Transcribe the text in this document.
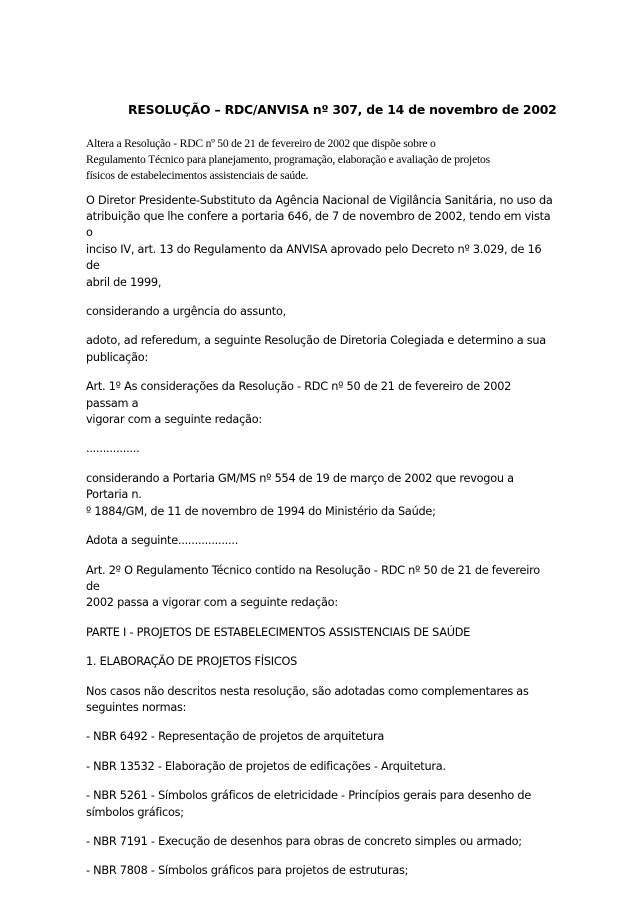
RESOLUÇÃO – RDC/ANVISA nº 307, de 14 de novembro de 2002

Altera a Resolução - RDC nº 50 de 21 de fevereiro de 2002 que dispõe sobre o
Regulamento Técnico para planejamento, programação, elaboração e avaliação de projetos
físicos de estabelecimentos assistenciais de saúde.

O Diretor Presidente-Substituto da Agência Nacional de Vigilância Sanitária, no uso da
atribuição que lhe confere a portaria 646, de 7 de novembro de 2002, tendo em vista o
inciso IV, art. 13 do Regulamento da ANVISA aprovado pelo Decreto nº 3.029, de 16 de
abril de 1999,

considerando a urgência do assunto,

adoto, ad referedum, a seguinte Resolução de Diretoria Colegiada e determino a sua
publicação:

Art. 1º As considerações da Resolução - RDC nº 50 de 21 de fevereiro de 2002 passam a
vigorar com a seguinte redação:

................

considerando a Portaria GM/MS nº 554 de 19 de março de 2002 que revogou a Portaria n.
º 1884/GM, de 11 de novembro de 1994 do Ministério da Saúde;

Adota a seguinte..................

Art. 2º O Regulamento Técnico contido na Resolução - RDC nº 50 de 21 de fevereiro de
2002 passa a vigorar com a seguinte redação:

PARTE I - PROJETOS DE ESTABELECIMENTOS ASSISTENCIAIS DE SAÚDE

1. ELABORAÇÃO DE PROJETOS FÍSICOS

Nos casos não descritos nesta resolução, são adotadas como complementares as
seguintes normas:

- NBR 6492 - Representação de projetos de arquitetura

- NBR 13532 - Elaboração de projetos de edificações - Arquitetura.

- NBR 5261 - Símbolos gráficos de eletricidade - Princípios gerais para desenho de
símbolos gráficos;

- NBR 7191 - Execução de desenhos para obras de concreto simples ou armado;

- NBR 7808 - Símbolos gráficos para projetos de estruturas;
